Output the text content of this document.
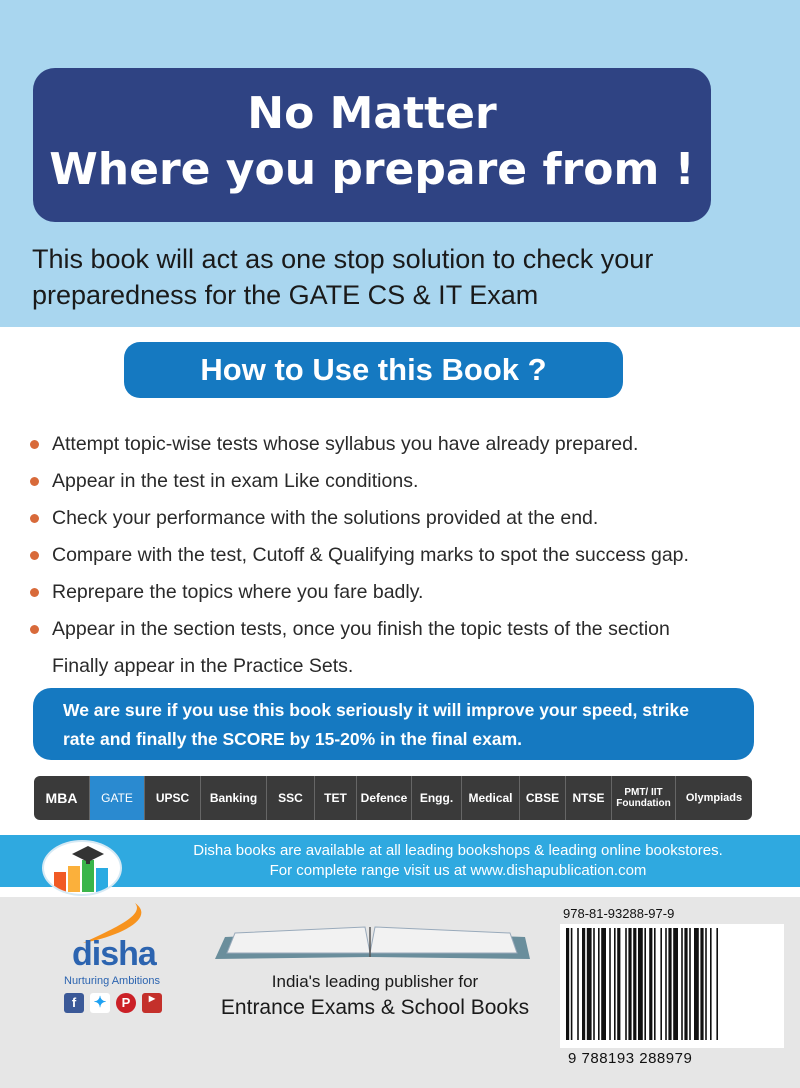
No Matter
Where you prepare from !
This book will act as one stop solution to check your
preparedness for the GATE CS & IT Exam
How to Use this Book ?
Attempt topic-wise tests whose syllabus you have already prepared.
Appear in the test in exam Like conditions.
Check your performance with the solutions provided at the end.
Compare with the test, Cutoff & Qualifying marks to spot the success gap.
Reprepare the topics where you fare badly.
Appear in the section tests, once you finish the topic tests of the section
Finally appear in the Practice Sets.
We are sure if you use this book seriously it will improve your speed, strike
rate and finally the SCORE by 15-20% in the final exam.
MBA	GATE	UPSC	Banking	SSC	TET	Defence	Engg.	Medical	CBSE	NTSE	PMT/ IIT Foundation	Olympiads
Disha books are available at all leading bookshops & leading online bookstores.
For complete range visit us at www.dishapublication.com
disha
Nurturing Ambitions
f	✦	P	▶
India's leading publisher for
Entrance Exams & School Books
978-81-93288-97-9
9 788193 288979
